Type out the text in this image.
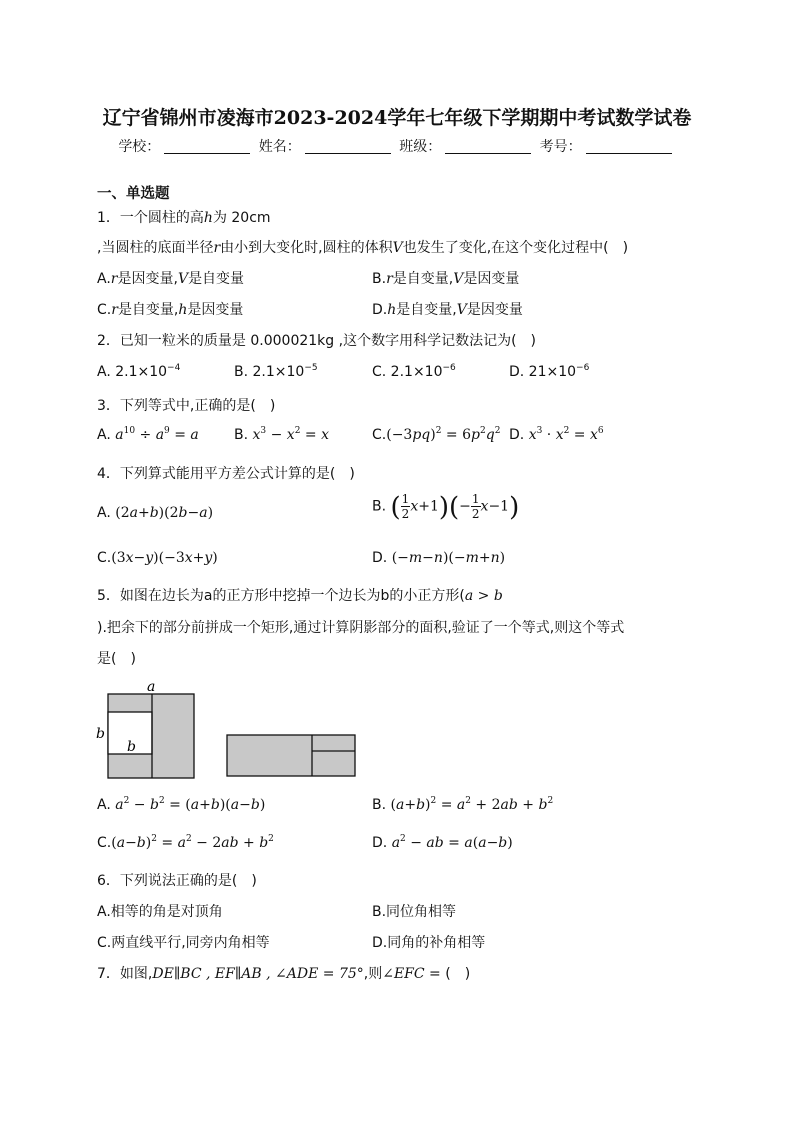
辽宁省锦州市凌海市2023-2024学年七年级下学期期中考试数学试卷
学校：	姓名：	班级：	考号：
一、单选题
1．一个圆柱的高h为 20cm
,当圆柱的底面半径r由小到大变化时,圆柱的体积V也发生了变化,在这个变化过程中(　)
A.r是因变量,V是自变量	B.r是自变量,V是因变量
C.r是自变量,h是因变量	D.h是自变量,V是因变量
2．已知一粒米的质量是 0.000021kg ,这个数字用科学记数法记为(　)
A. $2.1\times 10^{-4}$	B. $2.1\times 10^{-5}$	C. $2.1\times 10^{-6}$	D. $21\times 10^{-6}$
3．下列等式中,正确的是(　)
A. $a^{10} \div a^9 = a$	B. $x^3 - x^2 = x$	$C.(-3pq)^2 = 6p^2q^2$ D. $x^3 \cdot x^2 = x^6$
4．下列算式能用平方差公式计算的是(　)
A. (2a+b)(2b−a)	B. ( $\frac{1}{2} x+1)(- \frac{1}{2} x-1)$
C.(3x−y)(−3x+y)	D. (−m−n)(−m+n)
5．如图在边长为a的正方形中挖掉一个边长为b的小正方形(a > b
).把余下的部分前拼成一个矩形,通过计算阴影部分的面积,验证了一个等式,则这个等式
是(　)
a
b
b
A. $a^2 - b^2 = (a+b)(a-b)$	B. $(a+b)^2 = a^2 + 2ab + b^2$
$C.(a-b)^2 = a^2 - 2ab + b^2$	D. $a^2$ − ab = a(a−b)
6．下列说法正确的是(　)
A.相等的角是对顶角	B.同位角相等
C.两直线平行,同旁内角相等	D.同角的补角相等
7．如图,DE∥BC , EF∥AB , ∠ADE = 75°,则∠EFC = (　)
